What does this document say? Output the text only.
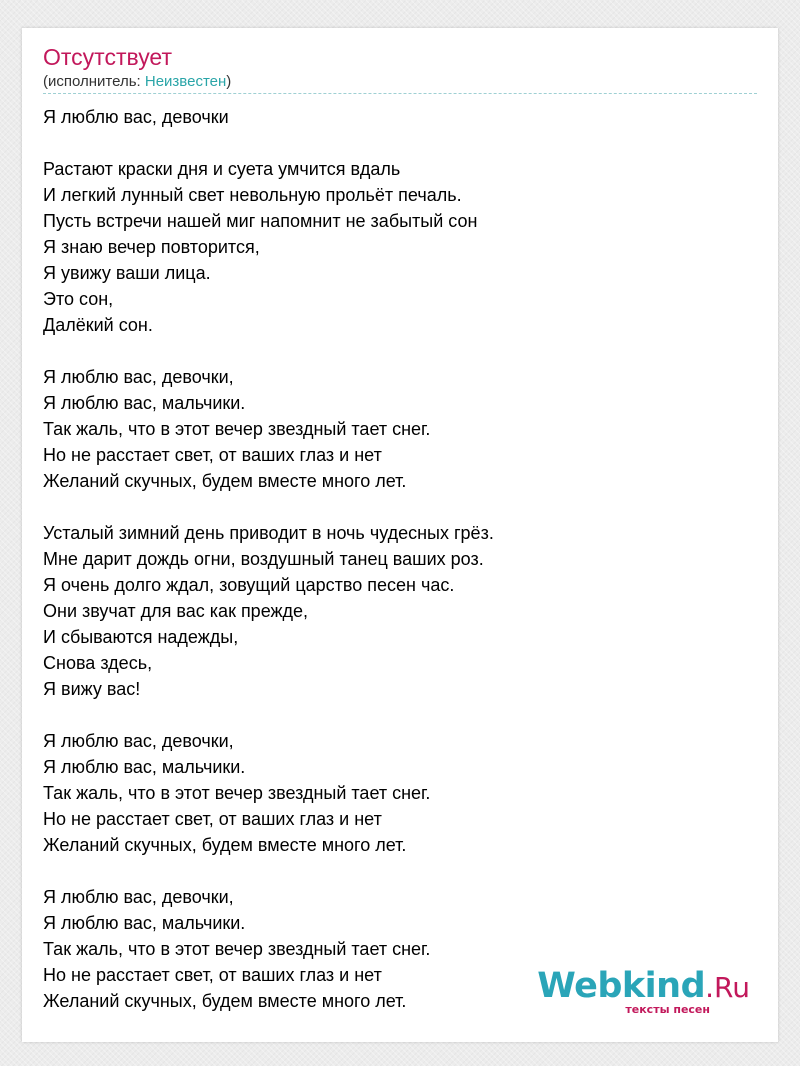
Отсутствует
(исполнитель: Неизвестен)
Я люблю вас, девочки

Растают краски дня и суета умчится вдаль
И легкий лунный свет невольную прольёт печаль.
Пусть встречи нашей миг напомнит не забытый сон
Я знаю вечер повторится,
Я увижу ваши лица.
Это сон,
Далёкий сон.

Я люблю вас, девочки,
Я люблю вас, мальчики.
Так жаль, что в этот вечер звездный тает снег.
Но не расстает свет, от ваших глаз и нет
Желаний скучных, будем вместе много лет.

Усталый зимний день приводит в ночь чудесных грёз.
Мне дарит дождь огни, воздушный танец ваших роз.
Я очень долго ждал, зовущий царство песен час.
Они звучат для вас как прежде,
И сбываются надежды,
Снова здесь,
Я вижу вас!

Я люблю вас, девочки,
Я люблю вас, мальчики.
Так жаль, что в этот вечер звездный тает снег.
Но не расстает свет, от ваших глаз и нет
Желаний скучных, будем вместе много лет.

Я люблю вас, девочки,
Я люблю вас, мальчики.
Так жаль, что в этот вечер звездный тает снег.
Но не расстает свет, от ваших глаз и нет
Желаний скучных, будем вместе много лет.	Webkind.Ru
тексты песен
